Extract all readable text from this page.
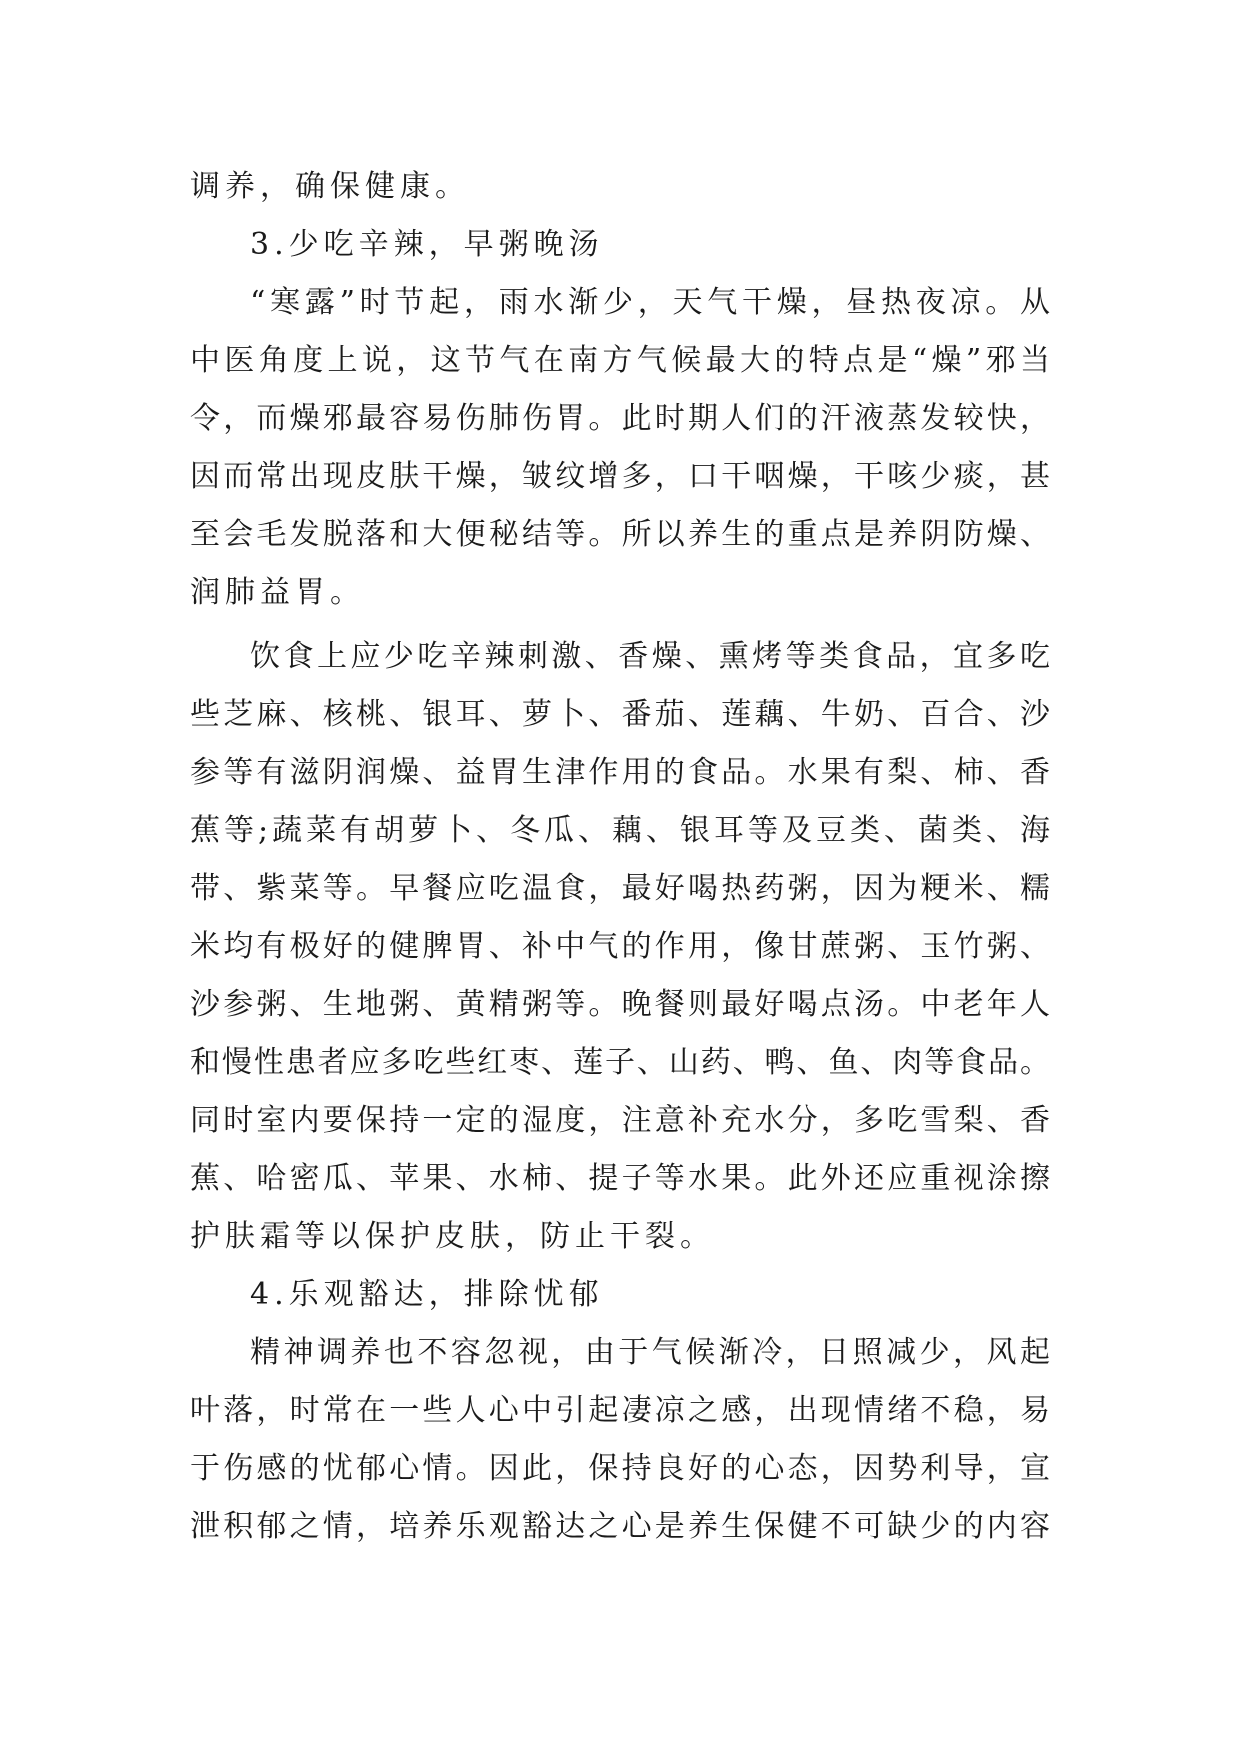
调养，确保健康。
3.少吃辛辣，早粥晚汤
“寒露”时节起，雨水渐少，天气干燥，昼热夜凉。从
中医角度上说，这节气在南方气候最大的特点是“燥”邪当
令，而燥邪最容易伤肺伤胃。此时期人们的汗液蒸发较快，
因而常出现皮肤干燥，皱纹增多，口干咽燥，干咳少痰，甚
至会毛发脱落和大便秘结等。所以养生的重点是养阴防燥、
润肺益胃。
饮食上应少吃辛辣刺激、香燥、熏烤等类食品，宜多吃
些芝麻、核桃、银耳、萝卜、番茄、莲藕、牛奶、百合、沙
参等有滋阴润燥、益胃生津作用的食品。水果有梨、柿、香
蕉等;蔬菜有胡萝卜、冬瓜、藕、银耳等及豆类、菌类、海
带、紫菜等。早餐应吃温食，最好喝热药粥，因为粳米、糯
米均有极好的健脾胃、补中气的作用，像甘蔗粥、玉竹粥、
沙参粥、生地粥、黄精粥等。晚餐则最好喝点汤。中老年人
和慢性患者应多吃些红枣、莲子、山药、鸭、鱼、肉等食品。
同时室内要保持一定的湿度，注意补充水分，多吃雪梨、香
蕉、哈密瓜、苹果、水柿、提子等水果。此外还应重视涂擦
护肤霜等以保护皮肤，防止干裂。
4.乐观豁达，排除忧郁
精神调养也不容忽视，由于气候渐冷，日照减少，风起
叶落，时常在一些人心中引起凄凉之感，出现情绪不稳，易
于伤感的忧郁心情。因此，保持良好的心态，因势利导，宣
泄积郁之情，培养乐观豁达之心是养生保健不可缺少的内容
